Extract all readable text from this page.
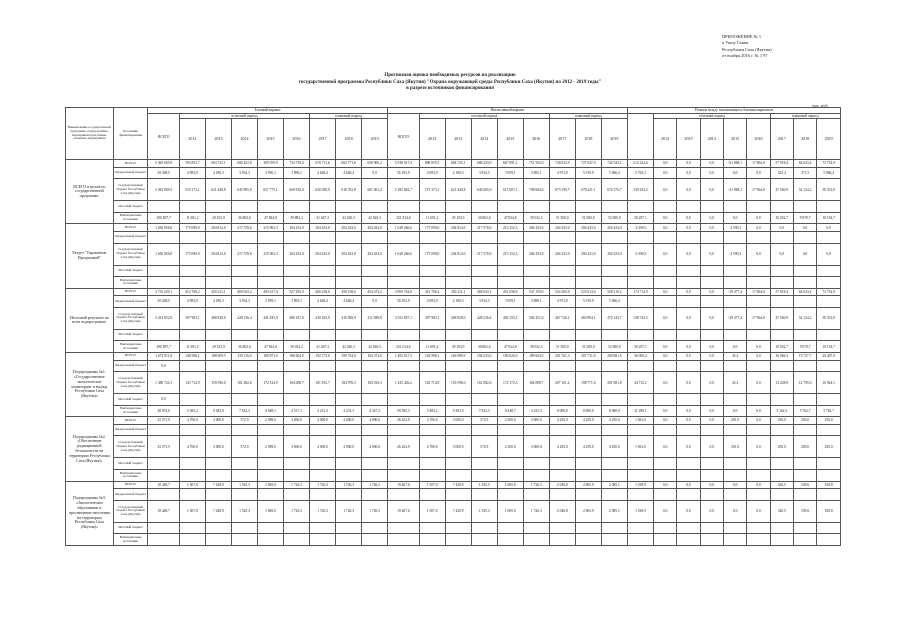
ПРИЛОЖЕНИЕ № 1
к Указу Главы
Республики Саха (Якутия)
от ноября 2016 г. № 1 97
Прогнозная оценка необходимых ресурсов на реализацию
государственной программы Республики Саха (Якутия) "Охрана окружающей среды Республики Саха (Якутия) на 2012 - 2019 годы"
в разрезе источников финансирования
тыс. руб.
Наименование государственной программы, подпрограммы, мероприятия программы, основного мероприятия	Источники финансирования	Базовый вариант									Интенсивный вариант									Разница между интенсивным и базовым вариантом								
		ВСЕГО	отчетный период					плановый период			ВСЕГО	отчетный период					плановый период				отчетный период					плановый период		
			2012	2013	2014	2015	2016	2017	2018	2019		2012	2013	2014	2015	2016	2017	2018	2019		2012	2013	2014	2015	2016	2017	2018	2019
ВСЕГО в целом по государственной программе:	ВСЕГО:	5 365 685,9	783 853,7	684 725,1	686 421,8	309 559,0	734 738,0	670 711,6	662 771,6	658 900,2	5 538 017,4	888 859,3	684 725,1	686 433,9	667 091,1	751 592,0	728 623,9	727 047,0	742 543,2	212 324,6	0,0	0,0	0,0	-61 868,1	17 864,0	57 918,4	64 623,4	73 754,9
	Федеральный бюджет	29 368,5	4 093,9	4 180,3	3 934,3	3 956,1	3 896,1	4 648,4	4 648,4	0,0	35 183,9	4 093,9	4 180,3	3 934,3	3 959,1	3 895,1	4 973,8	5 019,9	5 066,4	5 763,3	0,0	0,0	0,0	0,0	0,0	325,4	371,5	5 066,4
	Государственный бюджет Республики Саха (Якутия)	5 043 869,5	533 173,1	621 440,8	645 895,0	657 775,1	600 810,6	620 580,9	618 702,8	601 061,2	5 182 962,7	573 373,1	621 440,8	645 605,0	615 907,1	708 684,6	673 199,7	678 421,1	674 576,7	139 254,2	0,0	0,0	0,0	-41 868,1	17 964,0	47 560,9	54 124,2	58 472,8
	Местный бюджет																											
	Внебюджетные источники	290 807,7	11 691,2	29 103,9	36 802,6	47 824,8	39 882,3	41 467,3	42 020,3	42 026,3	321 814,6	11 691,2	29 103,9	36 802,6	47 824,8	39 032,3	51 500,0	51 000,0	52 000,0	30 207,1	0,0	0,0	0,0	0,0	0,0	10 032,7	9 979,7	10 194,7
Раздел "Управление Программой"	ВСЕГО:	1 630 856,8	175 090,0	204 814,0	217 578,6	215 902,3	204 433,0	204 433,0	204 433,0	204 433,0	1 628 266,6	175 090,0	204 814,0	217 578,6	215 252,3	204 433,0	204 433,0	204 433,0	204 433,0	-2 590,3	0,0	0,0	0,0	-2 590,3	0,0	0,0	0,0	0,0
	Федеральный бюджет																											
	Государственный бюджет Республики Саха (Якутия)	1 630 856,8	175 090,0	204 814,0	217 578,6	215 902,3	204 433,0	204 433,0	204 433,0	204 433,0	1 628 266,6	175 090,0	204 814,0	217 578,6	215 252,3	204 433,0	204 433,0	204 433,0	204 433,0	-2 590,3	0,0	0,0	0,0	-2 590,3	0,0	0,0	0,0	0,0
	Местный бюджет																											
	Внебюджетные источники																											
Итоговый результат на всем подпрограмме:	ВСЕГО:	3 735 029,1	412 768,2	450 211,1	469 043,2	493 617,0	527 295,0	466 238,6	458 138,6	454 473,2	3 909 764,8	413 768,2	450 211,1	469 043,1	451 838,8	547 159,0	524 200,0	523 014,0	528 210,2	174 714,9	0,0	0,0	0,0	-19 477,4	17 864,0	57 918,4	64 623,4	73 754,9
	Федеральный бюджет	29 268,5	4 093,9	4 180,3	3 934,3	3 959,1	3 895,1	4 648,4	4 648,4	0,0	35 032,9	4 093,9	4 180,3	3 934,3	3 959,1	3 898,1	4 973,8	5 019,9	5 066,4									
	Государственный бюджет Республики Саха (Якутия)	3 414 952,9	397 983,1	408 928,0	428 316,4	441 035,9	486 167,6	420 165,9	416 509,9	411 989,8	3 552 697,1	397 983,1	408 928,0	428 316,4	402 355,1	504 251,6	467 726,2	463 994,1	470 143,7	138 744,5	0,0	0,0	0,0	-29 477,4	17 964,0	47 560,9	54 124,2	58 472,8
	Местный бюджет																											
	Внебюджетные источники	290 807,7	11 691,2	29 103,9	36 802,6	47 824,8	39 032,3	41 467,3	42 020,3	42 026,3	321 014,6	11 691,2	29 103,9	36 802,6	47 824,8	39 032,3	51 500,0	51 000,0	52 000,0	30 207,1	0,0	0,0	0,0	0,0	0,0	10 032,7	9 979,7	10 194,7
Подпрограмма №1. «Государственное экологическое мониторинг и надзор Республики Саха (Якутия)»	ВСЕГО:	1 673 911,8	148 586,1	188 909,5	139 116,0	180 873,0	188 604,0	192 173,0	199 734,8	184 374,0	1 483 017,5	145 998,1	166 989,9	168 233,0	180 620,0	189 604,0	201 761,3	207 731,6	209 881,6	56 000,2	0,0	0,0	0,0	45,3	0,0	16 066,3	19 727,7	20 407,9
	Федеральный бюджет	0,0																										
	Государственный бюджет Республики Саха (Якутия)	1 380 724,1	143 714,9	159 596,0	161 482,6	172 124,9	184 008,7	181 933,7	184 976,5	184 916,3	1 425 436,2	143 714,9	159 596,0	161 082,6	172 172,3	184 008,7	207 161,2	198 771,6	201 881,8	44 712,1	0,0	0,0	0,0	45,3	0,0	13 228,9	14 795,0	16 944,1
	Местный бюджет	0,0																										
	Внебюджетные источники	48 591,6	5 483,2	9 383,9	7 632,3	8 648,1	4 517,1	4 231,3	4 231,3	4 327,3	59 585,3	5 483,2	9 383,9	7 632,3	8 448,7	4 233,3	8 000,0	8 000,0	8 000,0	11 288,1	0,0	0,0	0,0	0,0	0,0	3 162,3	3 762,7	3 762,7
Подпрограмма №2. «Обеспечение радиационной безопасности на территории Республики Саха (Якутия)»	ВСЕГО:	25 371,9	4 700,0	3 000,0	572,9	2 099,0	3 000,0	4 000,0	4 000,0	4 000,0	26 432,9	4 700,0	3 000,0	572,9	2 300,0	3 000,0	4 250,0	4 250,0	4 250,0	1 061,0	0,0	0,0	0,0	201,0	0,0	250,0	250,0	250,0
	Федеральный бюджет																											
	Государственный бюджет Республики Саха (Якутия)	25 371,9	4 700,0	3 000,0	572,9	2 099,0	3 000,0	4 000,0	4 000,0	4 000,0	26 432,9	4 700,0	3 000,0	572,9	2 300,0	3 000,0	4 250,0	4 250,0	4 250,0	1 061,0	0,0	0,0	0,0	201,0	0,0	250,0	250,0	250,0
	Местный бюджет																											
	Внебюджетные источники																											
Подпрограмма №3. «Экологическое образование и просвещение населения на территории Республики Саха (Якутия)»	ВСЕГО:	18 448,7	1 507,0	7 428,9	1 545,3	1 065,0	1 726,3	1 726,3	1 726,3	1 726,3	19 467,6	1 507,0	7 428,9	1 545,3	1 065,0	1 726,3	2 046,8	2 065,9	2 085,1	1 018,9	0,0	0,0	0,0	0,0	0,0	320,5	339,6	358,8
	Федеральный бюджет																											
	Государственный бюджет Республики Саха (Якутия)	18 448,7	1 507,0	7 428,9	1 545,3	1 065,0	1 726,3	1 726,3	1 726,3	1 726,3	19 467,6	1 507,0	7 428,9	1 545,3	1 065,0	1 726,3	2 046,8	2 065,9	2 085,1	1 018,9	0,0	0,0	0,0	0,0	0,0	320,5	339,6	358,8
	Местный бюджет																											
	Внебюджетные источники																											
